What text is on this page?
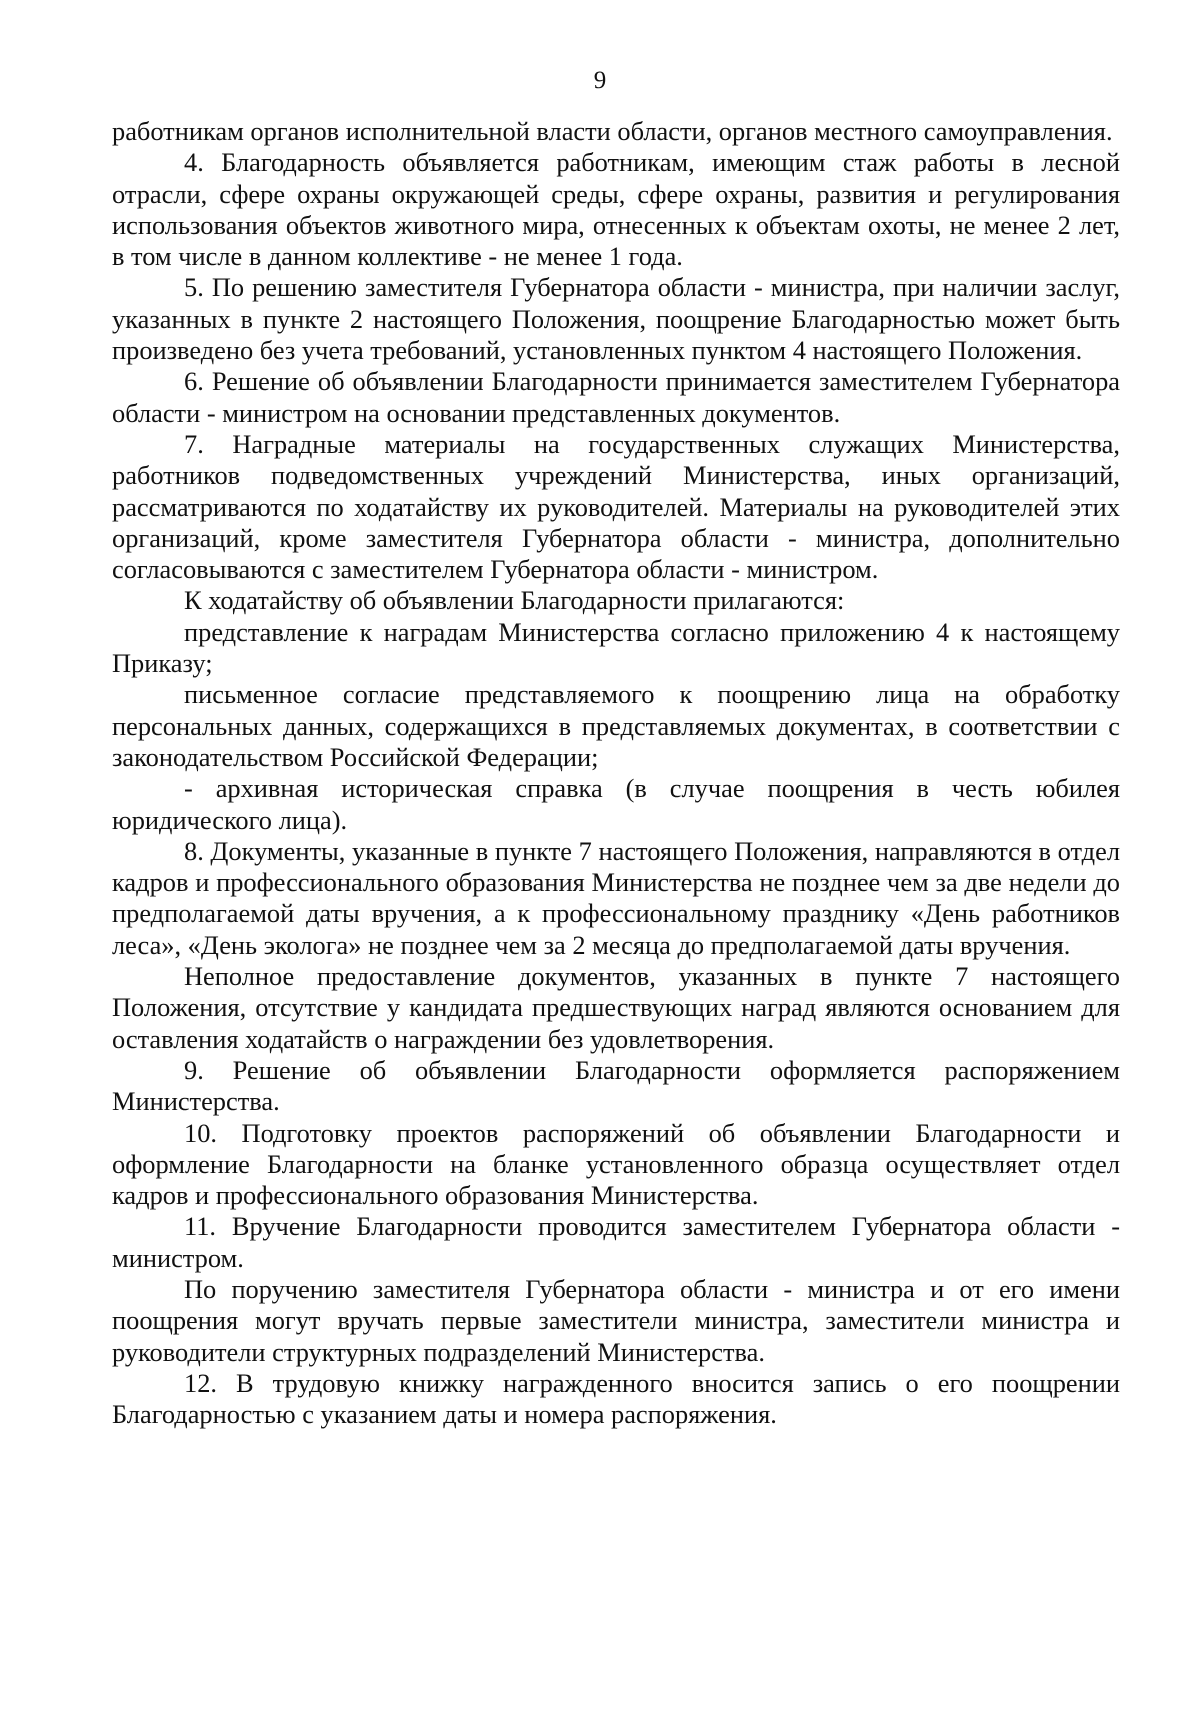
9

работникам органов исполнительной власти области, органов местного самоуправления.

4. Благодарность объявляется работникам, имеющим стаж работы в лесной отрасли, сфере охраны окружающей среды, сфере охраны, развития и регулирования использования объектов животного мира, отнесенных к объектам охоты, не менее 2 лет, в том числе в данном коллективе - не менее 1 года.

5. По решению заместителя Губернатора области - министра, при наличии заслуг, указанных в пункте 2 настоящего Положения, поощрение Благодарностью может быть произведено без учета требований, установленных пунктом 4 настоящего Положения.

6. Решение об объявлении Благодарности принимается заместителем Губернатора области - министром на основании представленных документов.

7. Наградные материалы на государственных служащих Министерства, работников подведомственных учреждений Министерства, иных организаций, рассматриваются по ходатайству их руководителей. Материалы на руководителей этих организаций, кроме заместителя Губернатора области - министра, дополнительно согласовываются с заместителем Губернатора области - министром.

К ходатайству об объявлении Благодарности прилагаются:

представление к наградам Министерства согласно приложению 4 к настоящему Приказу;

письменное согласие представляемого к поощрению лица на обработку персональных данных, содержащихся в представляемых документах, в соответствии с законодательством Российской Федерации;

- архивная историческая справка (в случае поощрения в честь юбилея юридического лица).

8. Документы, указанные в пункте 7 настоящего Положения, направляются в отдел кадров и профессионального образования Министерства не позднее чем за две недели до предполагаемой даты вручения, а к профессиональному празднику «День работников леса», «День эколога» не позднее чем за 2 месяца до предполагаемой даты вручения.

Неполное предоставление документов, указанных в пункте 7 настоящего Положения, отсутствие у кандидата предшествующих наград являются основанием для оставления ходатайств о награждении без удовлетворения.

9. Решение об объявлении Благодарности оформляется распоряжением Министерства.

10. Подготовку проектов распоряжений об объявлении Благодарности и оформление Благодарности на бланке установленного образца осуществляет отдел кадров и профессионального образования Министерства.

11. Вручение Благодарности проводится заместителем Губернатора области - министром.

По поручению заместителя Губернатора области - министра и от его имени поощрения могут вручать первые заместители министра, заместители министра и руководители структурных подразделений Министерства.

12. В трудовую книжку награжденного вносится запись о его поощрении Благодарностью с указанием даты и номера распоряжения.
